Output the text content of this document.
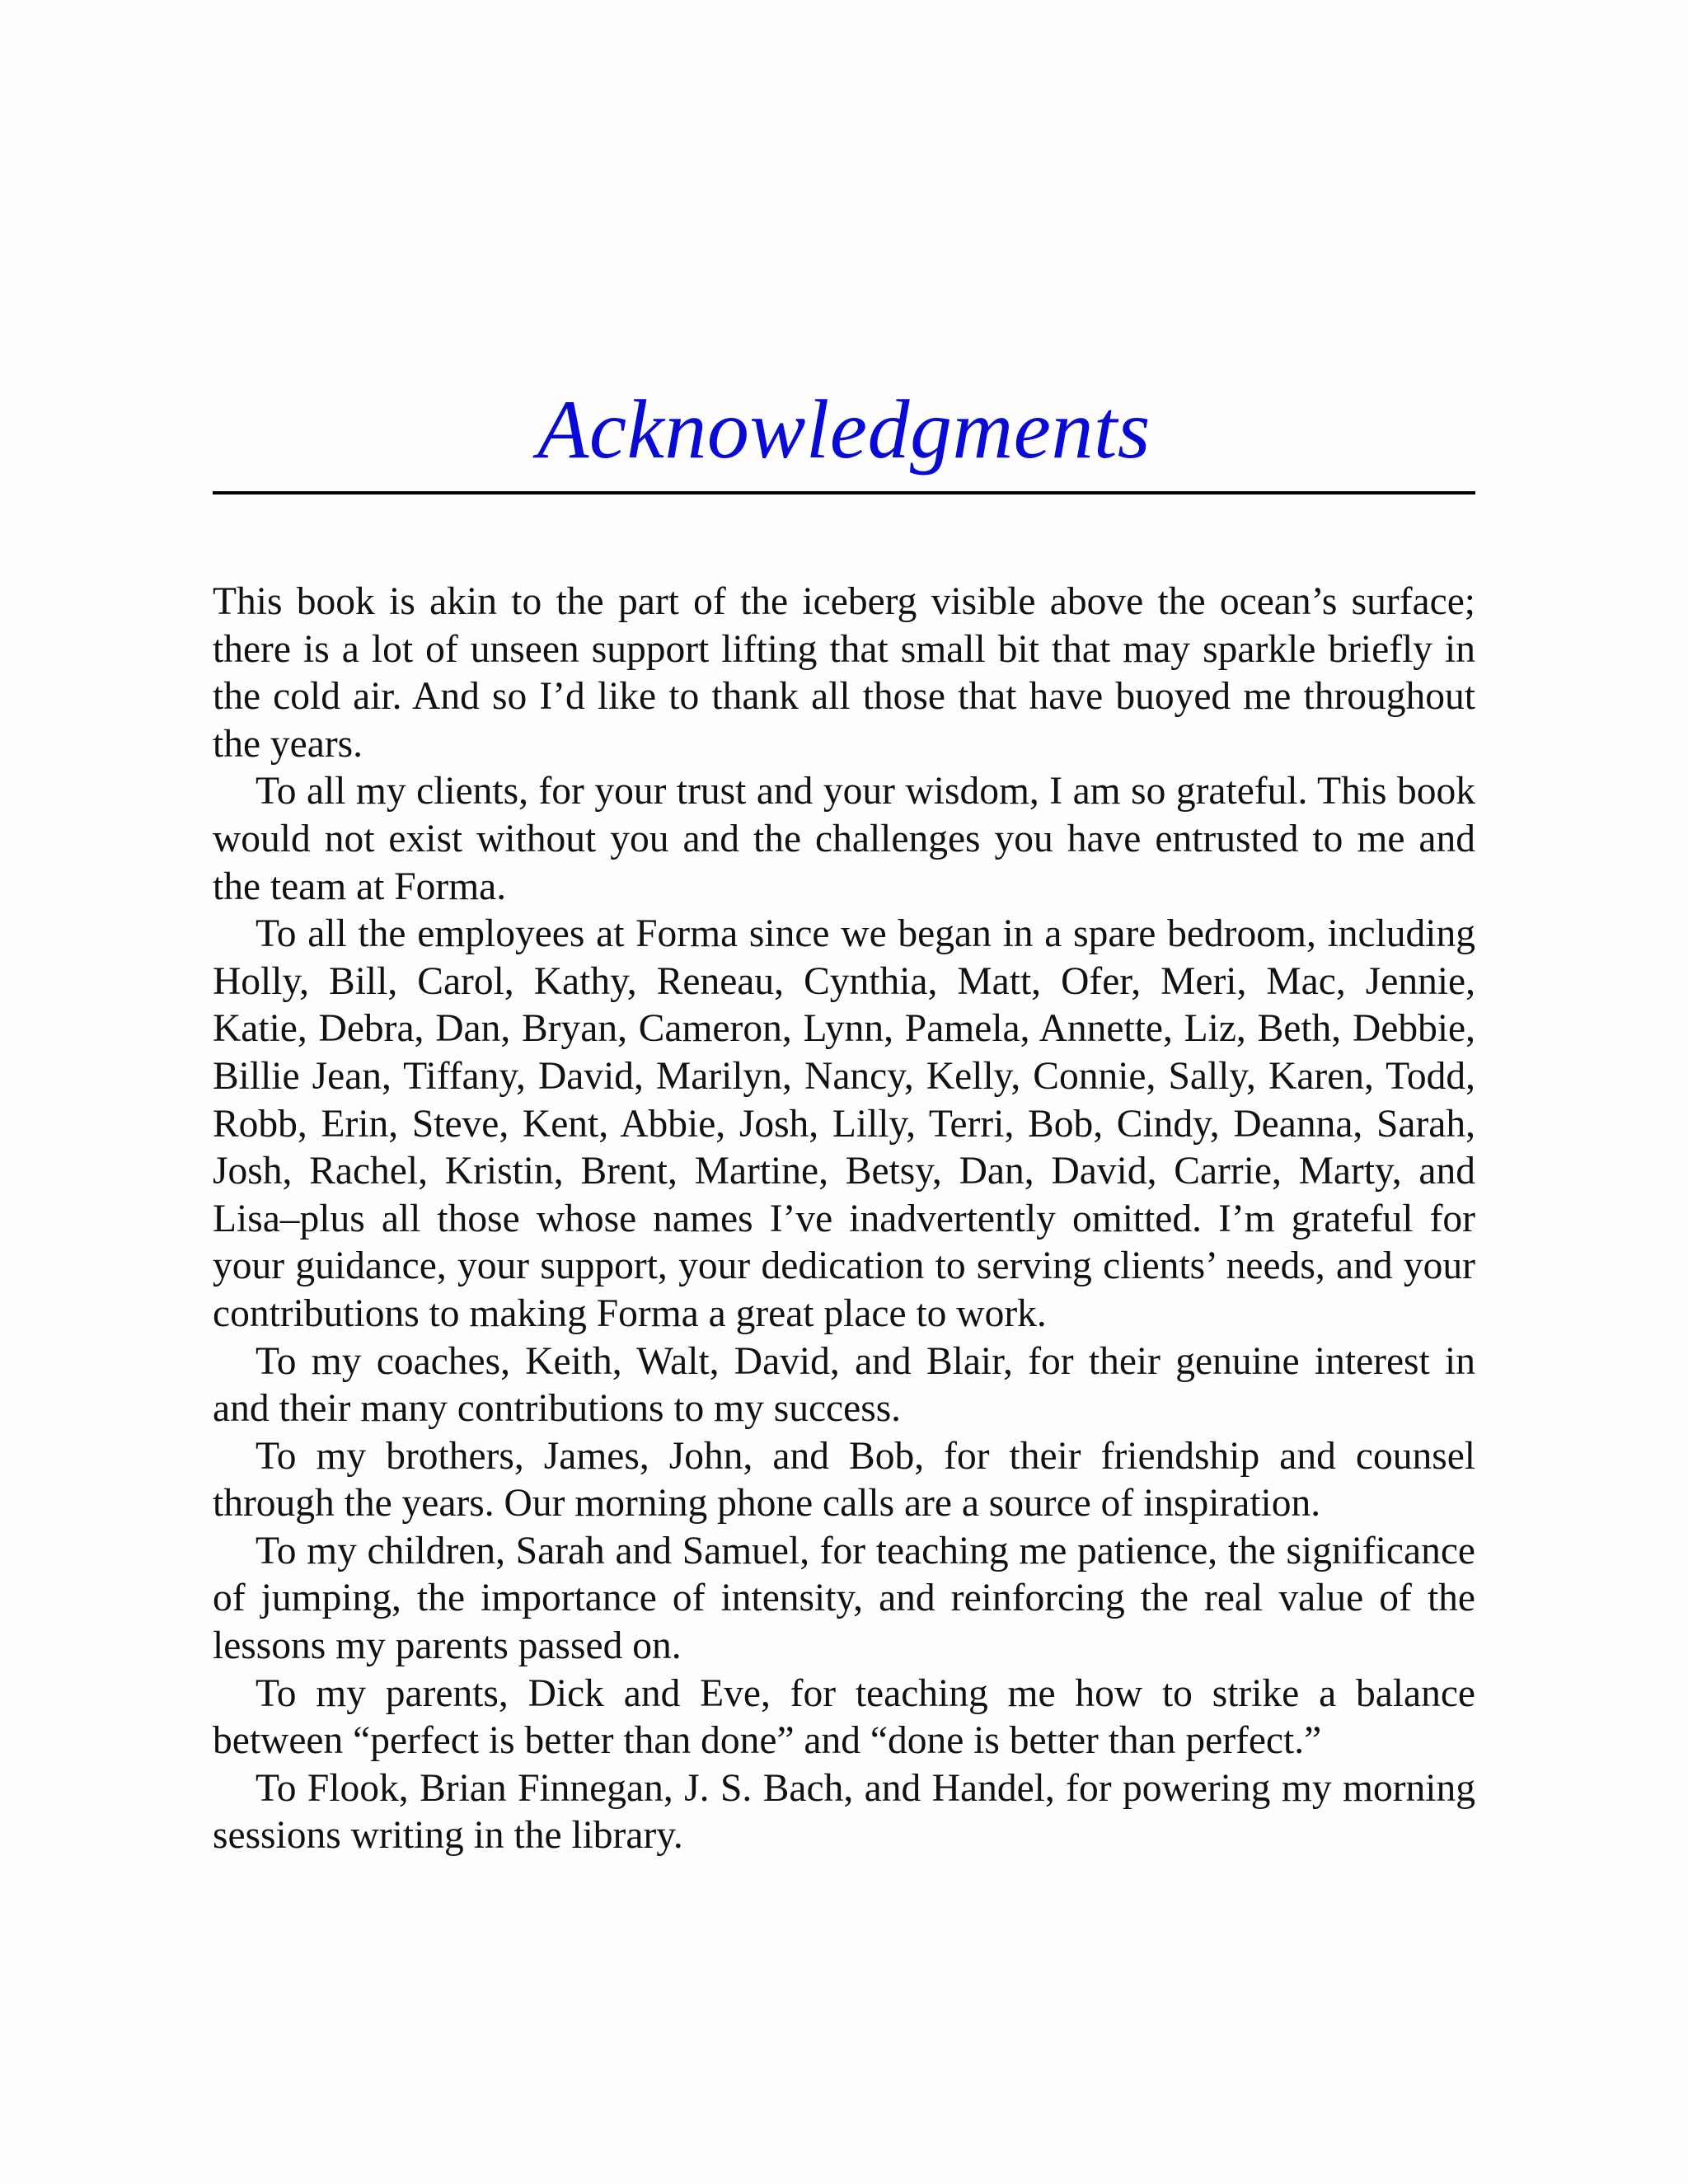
Acknowledgments

This book is akin to the part of the iceberg visible above the ocean’s surface; there is a lot of unseen support lifting that small bit that may sparkle briefly in the cold air. And so I’d like to thank all those that have buoyed me throughout the years.

To all my clients, for your trust and your wisdom, I am so grateful. This book would not exist without you and the challenges you have entrusted to me and the team at Forma.

To all the employees at Forma since we began in a spare bedroom, including Holly, Bill, Carol, Kathy, Reneau, Cynthia, Matt, Ofer, Meri, Mac, Jennie, Katie, Debra, Dan, Bryan, Cameron, Lynn, Pamela, Annette, Liz, Beth, Debbie, Billie Jean, Tiffany, David, Marilyn, Nancy, Kelly, Connie, Sally, Karen, Todd, Robb, Erin, Steve, Kent, Abbie, Josh, Lilly, Terri, Bob, Cindy, Deanna, Sarah, Josh, Rachel, Kristin, Brent, Martine, Betsy, Dan, David, Carrie, Marty, and Lisa–plus all those whose names I’ve inadvertently omitted. I’m grateful for your guidance, your support, your dedication to serving clients’ needs, and your contributions to making Forma a great place to work.

To my coaches, Keith, Walt, David, and Blair, for their genuine interest in and their many contributions to my success.

To my brothers, James, John, and Bob, for their friendship and counsel through the years. Our morning phone calls are a source of inspiration.

To my children, Sarah and Samuel, for teaching me patience, the significance of jumping, the importance of intensity, and reinforcing the real value of the lessons my parents passed on.

To my parents, Dick and Eve, for teaching me how to strike a balance between “perfect is better than done” and “done is better than perfect.”

To Flook, Brian Finnegan, J. S. Bach, and Handel, for powering my morning sessions writing in the library.
